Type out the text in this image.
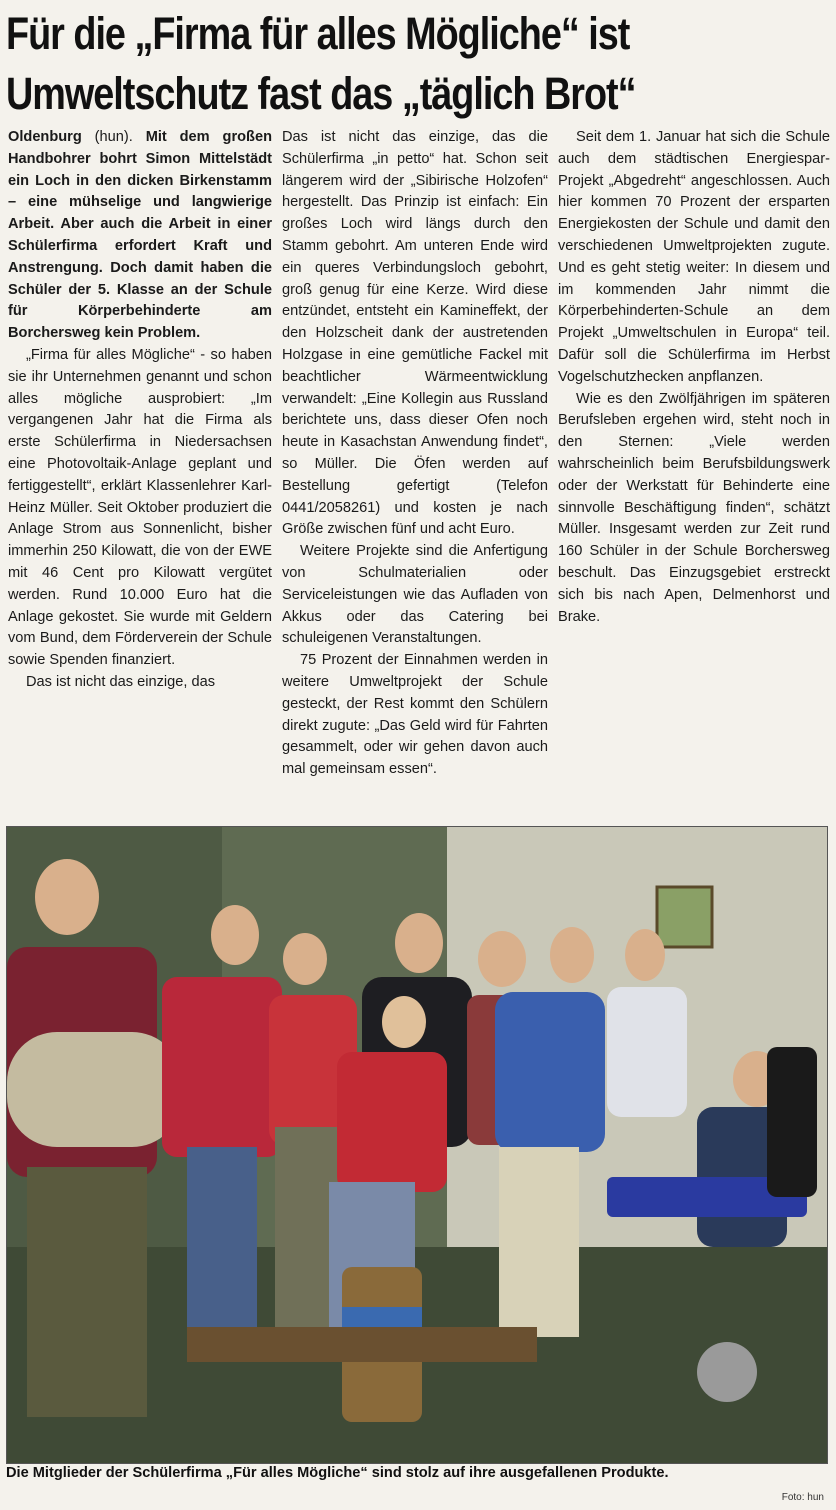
Für die „Firma für alles Mögliche“ ist
Umweltschutz fast das „täglich Brot“

Oldenburg (hun). Mit dem großen Handbohrer bohrt Simon Mittelstädt ein Loch in den dicken Birkenstamm – eine mühselige und langwierige Arbeit. Aber auch die Arbeit in einer Schülerfirma erfordert Kraft und Anstrengung. Doch damit haben die Schüler der 5. Klasse an der Schule für Körperbehinderte am Borchersweg kein Problem.

„Firma für alles Mögliche“ - so haben sie ihr Unternehmen genannt und schon alles mögliche ausprobiert: „Im vergangenen Jahr hat die Firma als erste Schülerfirma in Niedersachsen eine Photovoltaik-Anlage geplant und fertiggestellt“, erklärt Klassenlehrer Karl-Heinz Müller. Seit Oktober produziert die Anlage Strom aus Sonnenlicht, bisher immerhin 250 Kilowatt, die von der EWE mit 46 Cent pro Kilowatt vergütet werden. Rund 10.000 Euro hat die Anlage gekostet. Sie wurde mit Geldern vom Bund, dem Förderverein der Schule sowie Spenden finanziert.

Das ist nicht das einzige, das

Das ist nicht das einzige, das die Schülerfirma „in petto“ hat. Schon seit längerem wird der „Sibirische Holzofen“ hergestellt. Das Prinzip ist einfach: Ein großes Loch wird längs durch den Stamm gebohrt. Am unteren Ende wird ein queres Verbindungsloch gebohrt, groß genug für eine Kerze. Wird diese entzündet, entsteht ein Kamineffekt, der den Holzscheit dank der austretenden Holzgase in eine gemütliche Fackel mit beachtlicher Wärmeentwicklung verwandelt: „Eine Kollegin aus Russland berichtete uns, dass dieser Ofen noch heute in Kasachstan Anwendung findet“, so Müller. Die Öfen werden auf Bestellung gefertigt (Telefon 0441/2058261) und kosten je nach Größe zwischen fünf und acht Euro.

Weitere Projekte sind die Anfertigung von Schulmaterialien oder Serviceleistungen wie das Aufladen von Akkus oder das Catering bei schuleigenen Veranstaltungen.

75 Prozent der Einnahmen werden in weitere Umweltprojekt der Schule gesteckt, der Rest kommt den Schülern direkt zugute: „Das Geld wird für Fahrten gesammelt, oder wir gehen davon auch mal gemeinsam essen“.

Seit dem 1. Januar hat sich die Schule auch dem städtischen Energiespar-Projekt „Abgedreht“ angeschlossen. Auch hier kommen 70 Prozent der ersparten Energiekosten der Schule und damit den verschiedenen Umweltprojekten zugute. Und es geht stetig weiter: In diesem und im kommenden Jahr nimmt die Körperbehinderten-Schule an dem Projekt „Umweltschulen in Europa“ teil. Dafür soll die Schülerfirma im Herbst Vogelschutzhecken anpflanzen.

Wie es den Zwölfjährigen im späteren Berufsleben ergehen wird, steht noch in den Sternen: „Viele werden wahrscheinlich beim Berufsbildungswerk oder der Werkstatt für Behinderte eine sinnvolle Beschäftigung finden“, schätzt Müller. Insgesamt werden zur Zeit rund 160 Schüler in der Schule Borchersweg beschult. Das Einzugsgebiet erstreckt sich bis nach Apen, Delmenhorst und Brake.

Die Mitglieder der Schülerfirma „Für alles Mögliche“ sind stolz auf ihre ausgefallenen Produkte.
Foto: hun
